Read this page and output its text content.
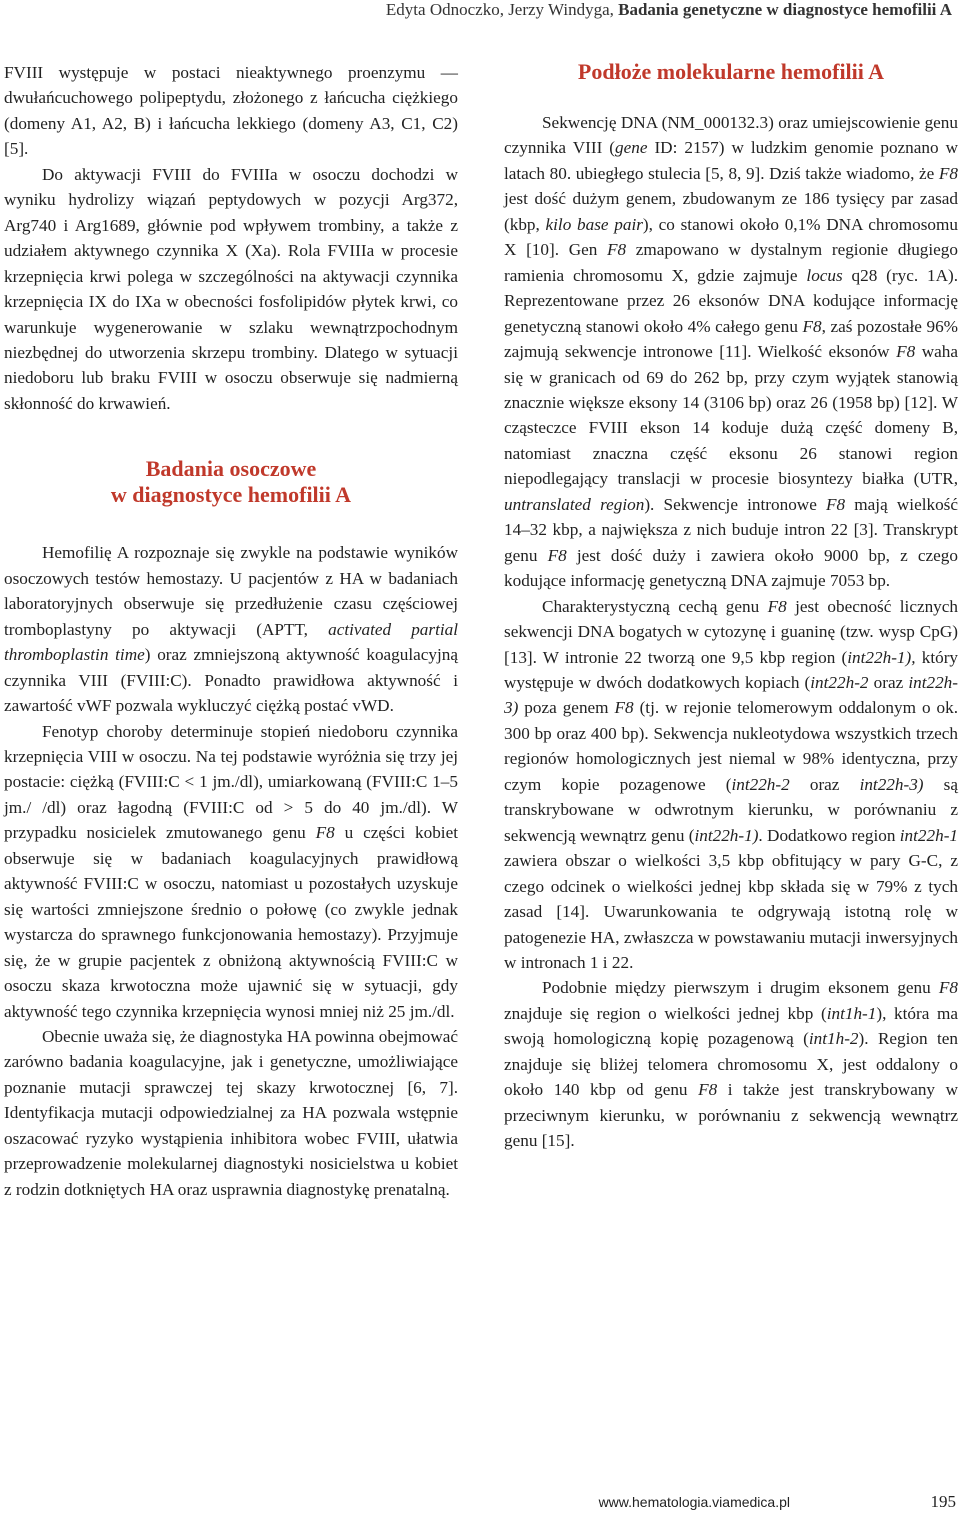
Edyta Odnoczko, Jerzy Windyga, Badania genetyczne w diagnostyce hemofilii A

FVIII występuje w postaci nieaktywnego proenzymu — dwułańcuchowego polipeptydu, złożonego z łańcucha ciężkiego (domeny A1, A2, B) i łańcucha lekkiego (domeny A3, C1, C2) [5].

Do aktywacji FVIII do FVIIIa w osoczu dochodzi w wyniku hydrolizy wiązań peptydowych w pozycji Arg372, Arg740 i Arg1689, głównie pod wpływem trombiny, a także z udziałem aktywnego czynnika X (Xa). Rola FVIIIa w procesie krzepnięcia krwi polega w szczególności na aktywacji czynnika krzepnięcia IX do IXa w obecności fosfolipidów płytek krwi, co warunkuje wygenerowanie w szlaku wewnątrzpochodnym niezbędnej do utworzenia skrzepu trombiny. Dlatego w sytuacji niedoboru lub braku FVIII w osoczu obserwuje się nadmierną skłonność do krwawień.

Badania osoczowe
w diagnostyce hemofilii A

Hemofilię A rozpoznaje się zwykle na podstawie wyników osoczowych testów hemostazy. U pacjentów z HA w badaniach laboratoryjnych obserwuje się przedłużenie czasu częściowej tromboplastyny po aktywacji (APTT, activated partial thromboplastin time) oraz zmniejszoną aktywność koagulacyjną czynnika VIII (FVIII:C). Ponadto prawidłowa aktywność i zawartość vWF pozwala wykluczyć ciężką postać vWD.

Fenotyp choroby determinuje stopień niedoboru czynnika krzepnięcia VIII w osoczu. Na tej podstawie wyróżnia się trzy jej postacie: ciężką (FVIII:C < 1 jm./dl), umiarkowaną (FVIII:C 1–5 jm./ /dl) oraz łagodną (FVIII:C od > 5 do 40 jm./dl). W przypadku nosicielek zmutowanego genu F8 u części kobiet obserwuje się w badaniach koagulacyjnych prawidłową aktywność FVIII:C w osoczu, natomiast u pozostałych uzyskuje się wartości zmniejszone średnio o połowę (co zwykle jednak wystarcza do sprawnego funkcjonowania hemostazy). Przyjmuje się, że w grupie pacjentek z obniżoną aktywnością FVIII:C w osoczu skaza krwotoczna może ujawnić się w sytuacji, gdy aktywność tego czynnika krzepnięcia wynosi mniej niż 25 jm./dl.

Obecnie uważa się, że diagnostyka HA powinna obejmować zarówno badania koagulacyjne, jak i genetyczne, umożliwiające poznanie mutacji sprawczej tej skazy krwotocznej [6, 7]. Identyfikacja mutacji odpowiedzialnej za HA pozwala wstępnie oszacować ryzyko wystąpienia inhibitora wobec FVIII, ułatwia przeprowadzenie molekularnej diagnostyki nosicielstwa u kobiet z rodzin dotkniętych HA oraz usprawnia diagnostykę prenatalną.

Podłoże molekularne hemofilii A

Sekwencję DNA (NM_000132.3) oraz umiejscowienie genu czynnika VIII (gene ID: 2157) w ludzkim genomie poznano w latach 80. ubiegłego stulecia [5, 8, 9]. Dziś także wiadomo, że F8 jest dość dużym genem, zbudowanym ze 186 tysięcy par zasad (kbp, kilo base pair), co stanowi około 0,1% DNA chromosomu X [10]. Gen F8 zmapowano w dystalnym regionie długiego ramienia chromosomu X, gdzie zajmuje locus q28 (ryc. 1A). Reprezentowane przez 26 eksonów DNA kodujące informację genetyczną stanowi około 4% całego genu F8, zaś pozostałe 96% zajmują sekwencje intronowe [11]. Wielkość eksonów F8 waha się w granicach od 69 do 262 bp, przy czym wyjątek stanowią znacznie większe eksony 14 (3106 bp) oraz 26 (1958 bp) [12]. W cząsteczce FVIII ekson 14 koduje dużą część domeny B, natomiast znaczna część eksonu 26 stanowi region niepodlegający translacji w procesie biosyntezy białka (UTR, untranslated region). Sekwencje intronowe F8 mają wielkość 14–32 kbp, a największa z nich buduje intron 22 [3]. Transkrypt genu F8 jest dość duży i zawiera około 9000 bp, z czego kodujące informację genetyczną DNA zajmuje 7053 bp.

Charakterystyczną cechą genu F8 jest obecność licznych sekwencji DNA bogatych w cytozynę i guaninę (tzw. wysp CpG) [13]. W intronie 22 tworzą one 9,5 kbp region (int22h-1), który występuje w dwóch dodatkowych kopiach (int22h-2 oraz int22h-3) poza genem F8 (tj. w rejonie telomerowym oddalonym o ok. 300 bp oraz 400 bp). Sekwencja nukleotydowa wszystkich trzech regionów homologicznych jest niemal w 98% identyczna, przy czym kopie pozagenowe (int22h-2 oraz int22h-3) są transkrybowane w odwrotnym kierunku, w porównaniu z sekwencją wewnątrz genu (int22h-1). Dodatkowo region int22h-1 zawiera obszar o wielkości 3,5 kbp obfitujący w pary G-C, z czego odcinek o wielkości jednej kbp składa się w 79% z tych zasad [14]. Uwarunkowania te odgrywają istotną rolę w patogenezie HA, zwłaszcza w powstawaniu mutacji inwersyjnych w intronach 1 i 22.

Podobnie między pierwszym i drugim eksonem genu F8 znajduje się region o wielkości jednej kbp (int1h-1), która ma swoją homologiczną kopię pozagenową (int1h-2). Region ten znajduje się bliżej telomera chromosomu X, jest oddalony o około 140 kbp od genu F8 i także jest transkrybowany w przeciwnym kierunku, w porównaniu z sekwencją wewnątrz genu [15].

www.hematologia.viamedica.pl	195
